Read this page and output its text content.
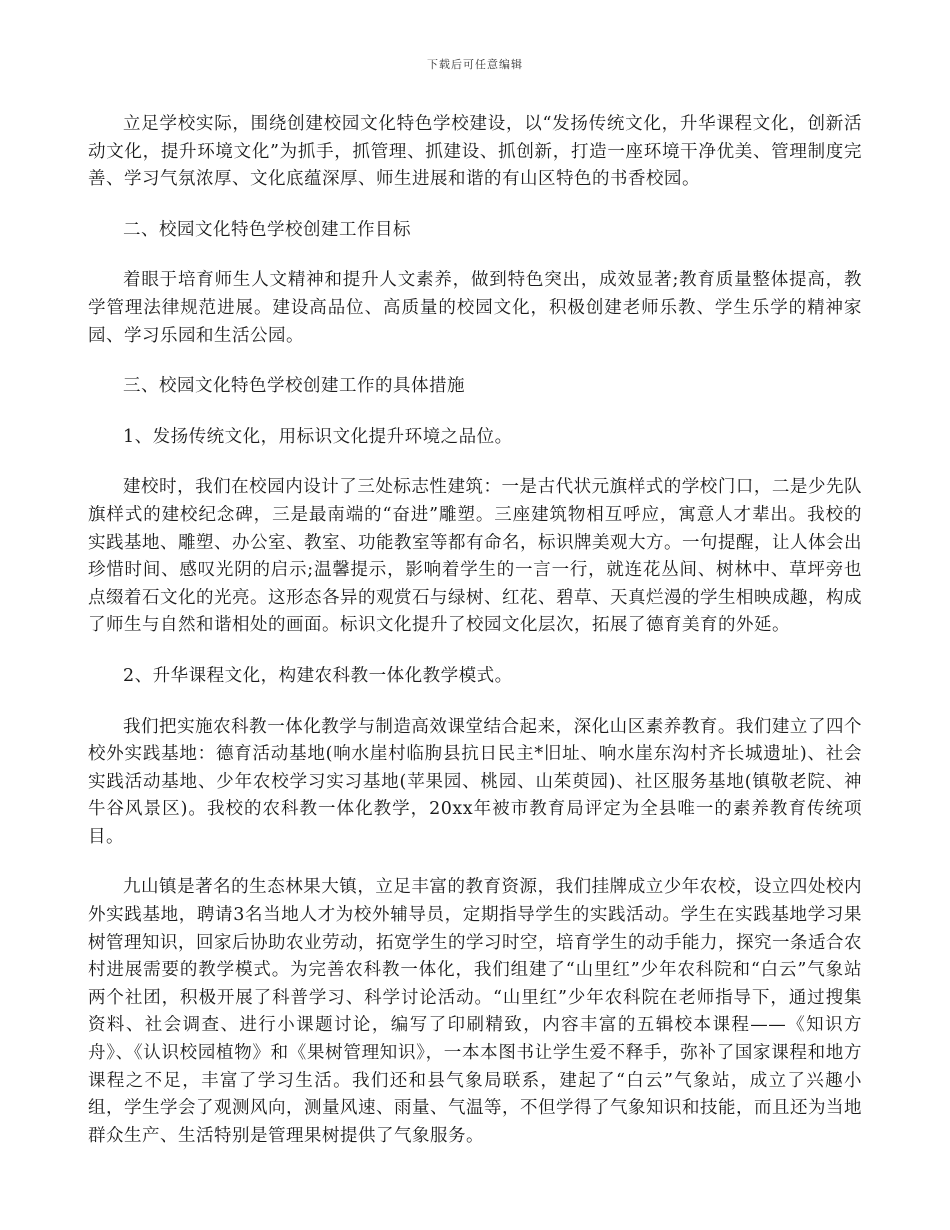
下载后可任意编辑

立足学校实际，围绕创建校园文化特色学校建设，以“发扬传统文化，升华课程文化，创新活动文化，提升环境文化”为抓手，抓管理、抓建设、抓创新，打造一座环境干净优美、管理制度完善、学习气氛浓厚、文化底蕴深厚、师生进展和谐的有山区特色的书香校园。

二、校园文化特色学校创建工作目标

着眼于培育师生人文精神和提升人文素养，做到特色突出，成效显著;教育质量整体提高，教学管理法律规范进展。建设高品位、高质量的校园文化，积极创建老师乐教、学生乐学的精神家园、学习乐园和生活公园。

三、校园文化特色学校创建工作的具体措施

1、发扬传统文化，用标识文化提升环境之品位。

建校时，我们在校园内设计了三处标志性建筑：一是古代状元旗样式的学校门口，二是少先队旗样式的建校纪念碑，三是最南端的“奋进”雕塑。三座建筑物相互呼应，寓意人才辈出。我校的实践基地、雕塑、办公室、教室、功能教室等都有命名，标识牌美观大方。一句提醒，让人体会出珍惜时间、感叹光阴的启示;温馨提示，影响着学生的一言一行，就连花丛间、树林中、草坪旁也点缀着石文化的光亮。这形态各异的观赏石与绿树、红花、碧草、天真烂漫的学生相映成趣，构成了师生与自然和谐相处的画面。标识文化提升了校园文化层次，拓展了德育美育的外延。

2、升华课程文化，构建农科教一体化教学模式。

我们把实施农科教一体化教学与制造高效课堂结合起来，深化山区素养教育。我们建立了四个校外实践基地：德育活动基地(响水崖村临朐县抗日民主*旧址、响水崖东沟村齐长城遗址)、社会实践活动基地、少年农校学习实习基地(苹果园、桃园、山茱萸园)、社区服务基地(镇敬老院、神牛谷风景区)。我校的农科教一体化教学，20xx年被市教育局评定为全县唯一的素养教育传统项目。

九山镇是著名的生态林果大镇，立足丰富的教育资源，我们挂牌成立少年农校，设立四处校内外实践基地，聘请3名当地人才为校外辅导员，定期指导学生的实践活动。学生在实践基地学习果树管理知识，回家后协助农业劳动，拓宽学生的学习时空，培育学生的动手能力，探究一条适合农村进展需要的教学模式。为完善农科教一体化，我们组建了“山里红”少年农科院和“白云”气象站两个社团，积极开展了科普学习、科学讨论活动。“山里红”少年农科院在老师指导下，通过搜集资料、社会调查、进行小课题讨论，编写了印刷精致，内容丰富的五辑校本课程——《知识方舟》、《认识校园植物》和《果树管理知识》，一本本图书让学生爱不释手，弥补了国家课程和地方课程之不足，丰富了学习生活。我们还和县气象局联系，建起了“白云”气象站，成立了兴趣小组，学生学会了观测风向，测量风速、雨量、气温等，不但学得了气象知识和技能，而且还为当地群众生产、生活特别是管理果树提供了气象服务。
